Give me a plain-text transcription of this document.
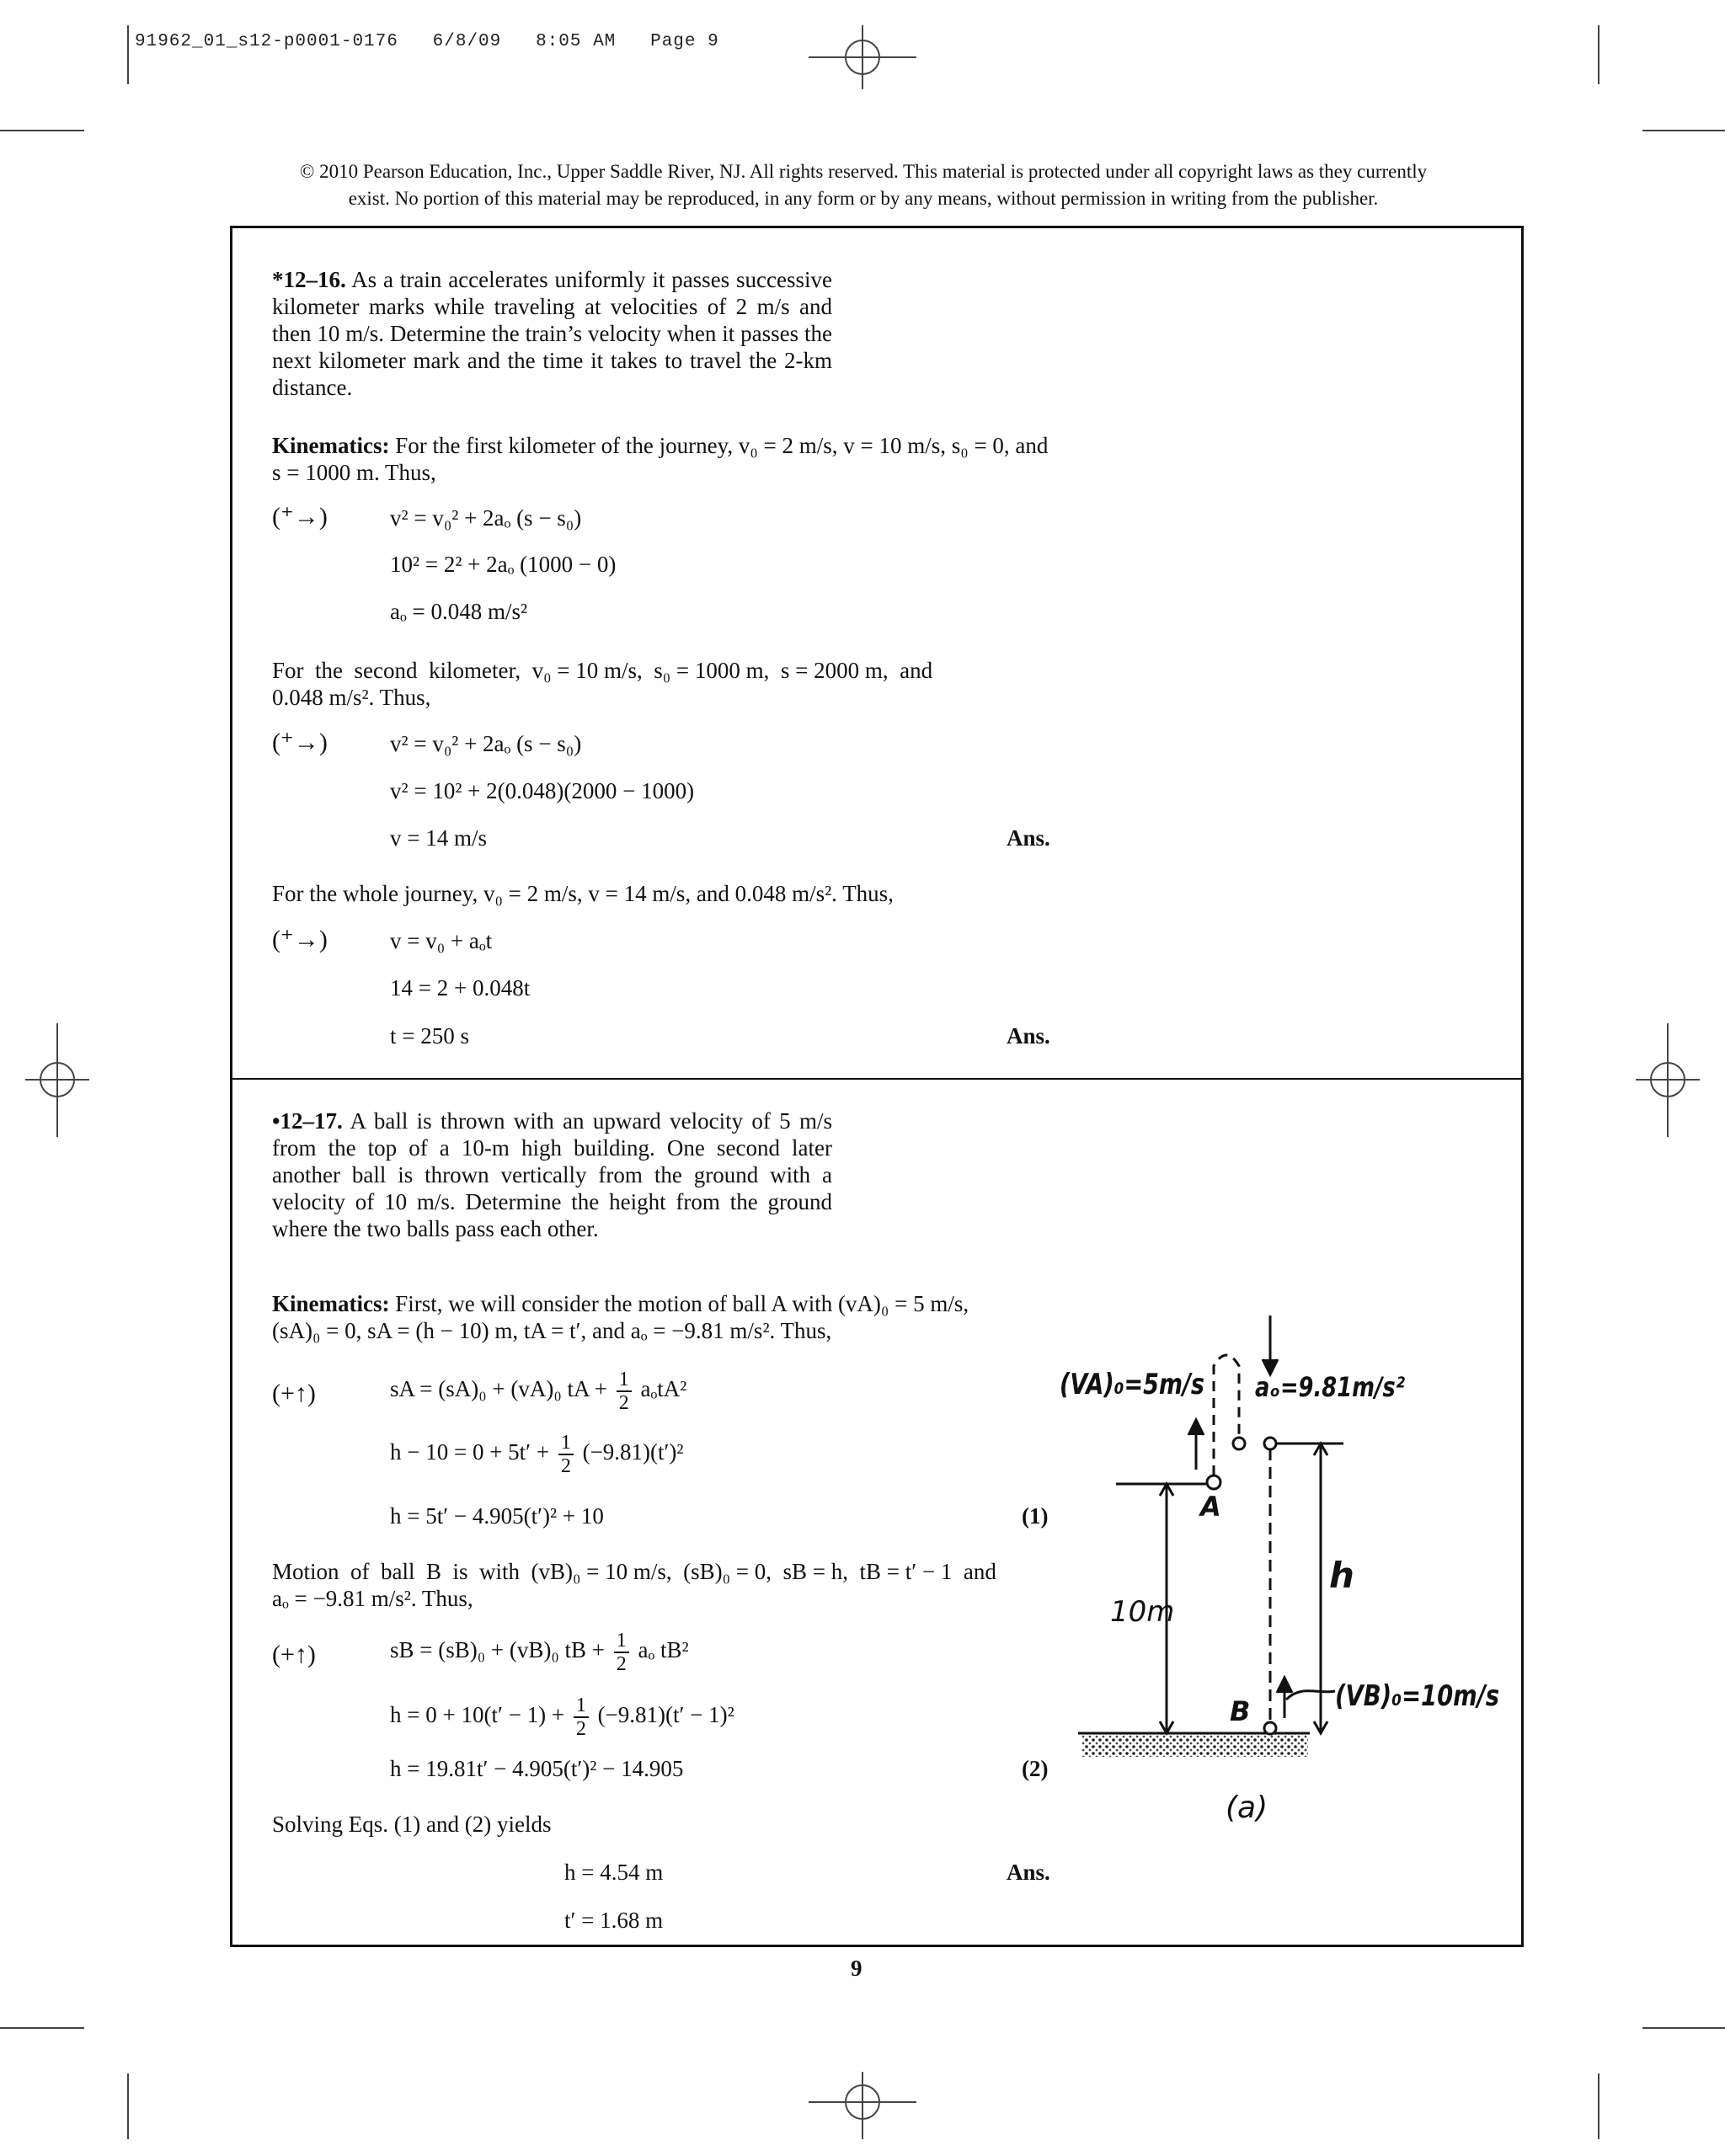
91962_01_s12-p0001-0176   6/8/09   8:05 AM   Page 9
© 2010 Pearson Education, Inc., Upper Saddle River, NJ. All rights reserved. This material is protected under all copyright laws as they currently
exist. No portion of this material may be reproduced, in any form or by any means, without permission in writing from the publisher.
*12–16. As a train accelerates uniformly it passes successive kilometer marks while traveling at velocities of 2 m/s and then 10 m/s. Determine the train’s velocity when it passes the next kilometer mark and the time it takes to travel the 2-km distance.
Kinematics: For the first kilometer of the journey, v₀ = 2 m/s, v = 10 m/s, s₀ = 0, and s = 1000 m. Thus,
(⁺→)	v² = v₀² + 2aₒ (s − s₀)
10² = 2² + 2aₒ (1000 − 0)
aₒ = 0.048 m/s²
For  the  second  kilometer,  v₀ = 10 m/s,  s₀ = 1000 m,  s = 2000 m,  and
0.048 m/s². Thus,
(⁺→)	v² = v₀² + 2aₒ (s − s₀)
v² = 10² + 2(0.048)(2000 − 1000)
v = 14 m/s	Ans.
For the whole journey, v₀ = 2 m/s, v = 14 m/s, and 0.048 m/s². Thus,
(⁺→)	v = v₀ + aₒt
14 = 2 + 0.048t
t = 250 s	Ans.
•12–17. A ball is thrown with an upward velocity of 5 m/s from the top of a 10-m high building. One second later another ball is thrown vertically from the ground with a velocity of 10 m/s. Determine the height from the ground where the two balls pass each other.
Kinematics: First, we will consider the motion of ball A with (vA)₀ = 5 m/s,
(sA)₀ = 0, sA = (h − 10) m, tA = t′, and aₒ = −9.81 m/s². Thus,
(+↑)	sA = (sA)₀ + (vA)₀ tA + $\frac{1}{2} a_otA^2$
$h - 10 = 0 + 5t' + \frac{1}{2} (-9.81)(t')^2$
h = 5t′ − 4.905(t′)² + 10	(1)
Motion  of  ball  B  is  with  (vB)₀ = 10 m/s,  (sB)₀ = 0,  sB = h,  tB = t′ − 1  and
aₒ = −9.81 m/s². Thus,
(+↑)	sB = (sB)₀ + (vB)₀ tB + $\frac{1}{2}$ aₒ tB²
$h = 0 + 10(t' - 1) + \frac{1}{2} (-9.81)(t' - 1)^2$
h = 19.81t′ − 4.905(t′)² − 14.905	(2)
Solving Eqs. (1) and (2) yields
h = 4.54 m	Ans.
t′ = 1.68 m
(VA)₀=5m/s aₒ=9.81m/s²
A
h
10m
B	(VB)₀=10m/s
(a)
9
